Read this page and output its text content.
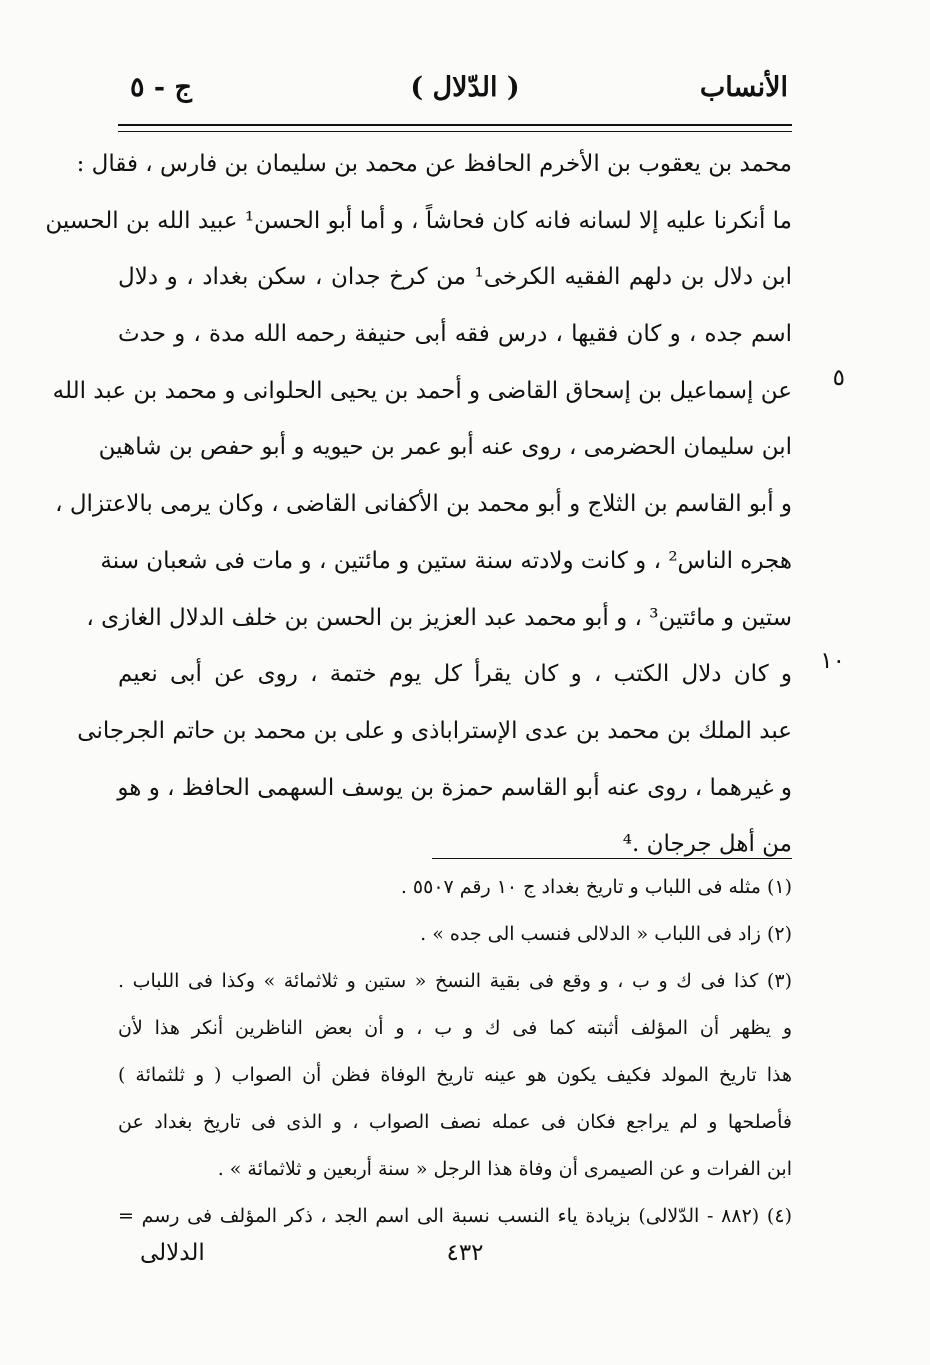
الأنساب
( الدّلال )
ج - ٥
محمد بن يعقوب بن الأخرم الحافظ عن محمد بن سليمان بن فارس ، فقال :
ما أنكرنا عليه إلا لسانه فانه كان فحاشاً ، و أما أبو الحسن¹ عبيد الله بن الحسين
ابن دلال بن دلهم الفقيه الكرخى¹ من كرخ جدان ، سكن بغداد ، و دلال
اسم جده ، و كان فقيها ، درس فقه أبى حنيفة رحمه الله مدة ، و حدث
عن إسماعيل بن إسحاق القاضى و أحمد بن يحيى الحلوانى و محمد بن عبد الله
ابن سليمان الحضرمى ، روى عنه أبو عمر بن حيويه و أبو حفص بن شاهين
و أبو القاسم بن الثلاج و أبو محمد بن الأكفانى القاضى ، وكان يرمى بالاعتزال ،
هجره الناس² ، و كانت ولادته سنة ستين و مائتين ، و مات فى شعبان سنة
ستين و مائتين³ ، و أبو محمد عبد العزيز بن الحسن بن خلف الدلال الغازى ،
و كان دلال الكتب ، و كان يقرأ كل يوم ختمة ، روى عن أبى نعيم
عبد الملك بن محمد بن عدى الإستراباذى و على بن محمد بن حاتم الجرجانى
و غيرهما ، روى عنه أبو القاسم حمزة بن يوسف السهمى الحافظ ، و هو
من أهل جرجان .⁴
٥
١٠
(١) مثله فى اللباب و تاريخ بغداد ج ١٠ رقم ٥٥٠٧ .
(٢) زاد فى اللباب « الدلالى فنسب الى جده » .
(٣) كذا فى ك و ب ، و وقع فى بقية النسخ « ستين و ثلاثمائة » وكذا فى اللباب .
و يظهر أن المؤلف أثبته كما فى ك و ب ، و أن بعض الناظرين أنكر هذا لأن
هذا تاريخ المولد فكيف يكون هو عينه تاريخ الوفاة فظن أن الصواب ( و ثلثمائة )
فأصلحها و لم يراجع فكان فى عمله نصف الصواب ، و الذى فى تاريخ بغداد عن
ابن الفرات و عن الصيمرى أن وفاة هذا الرجل « سنة أربعين و ثلاثمائة » .
(٤) (٨٨٢ - الدّلالى) بزيادة ياء النسب نسبة الى اسم الجد ، ذكر المؤلف فى رسم =
الدلالى	٤٣٢
